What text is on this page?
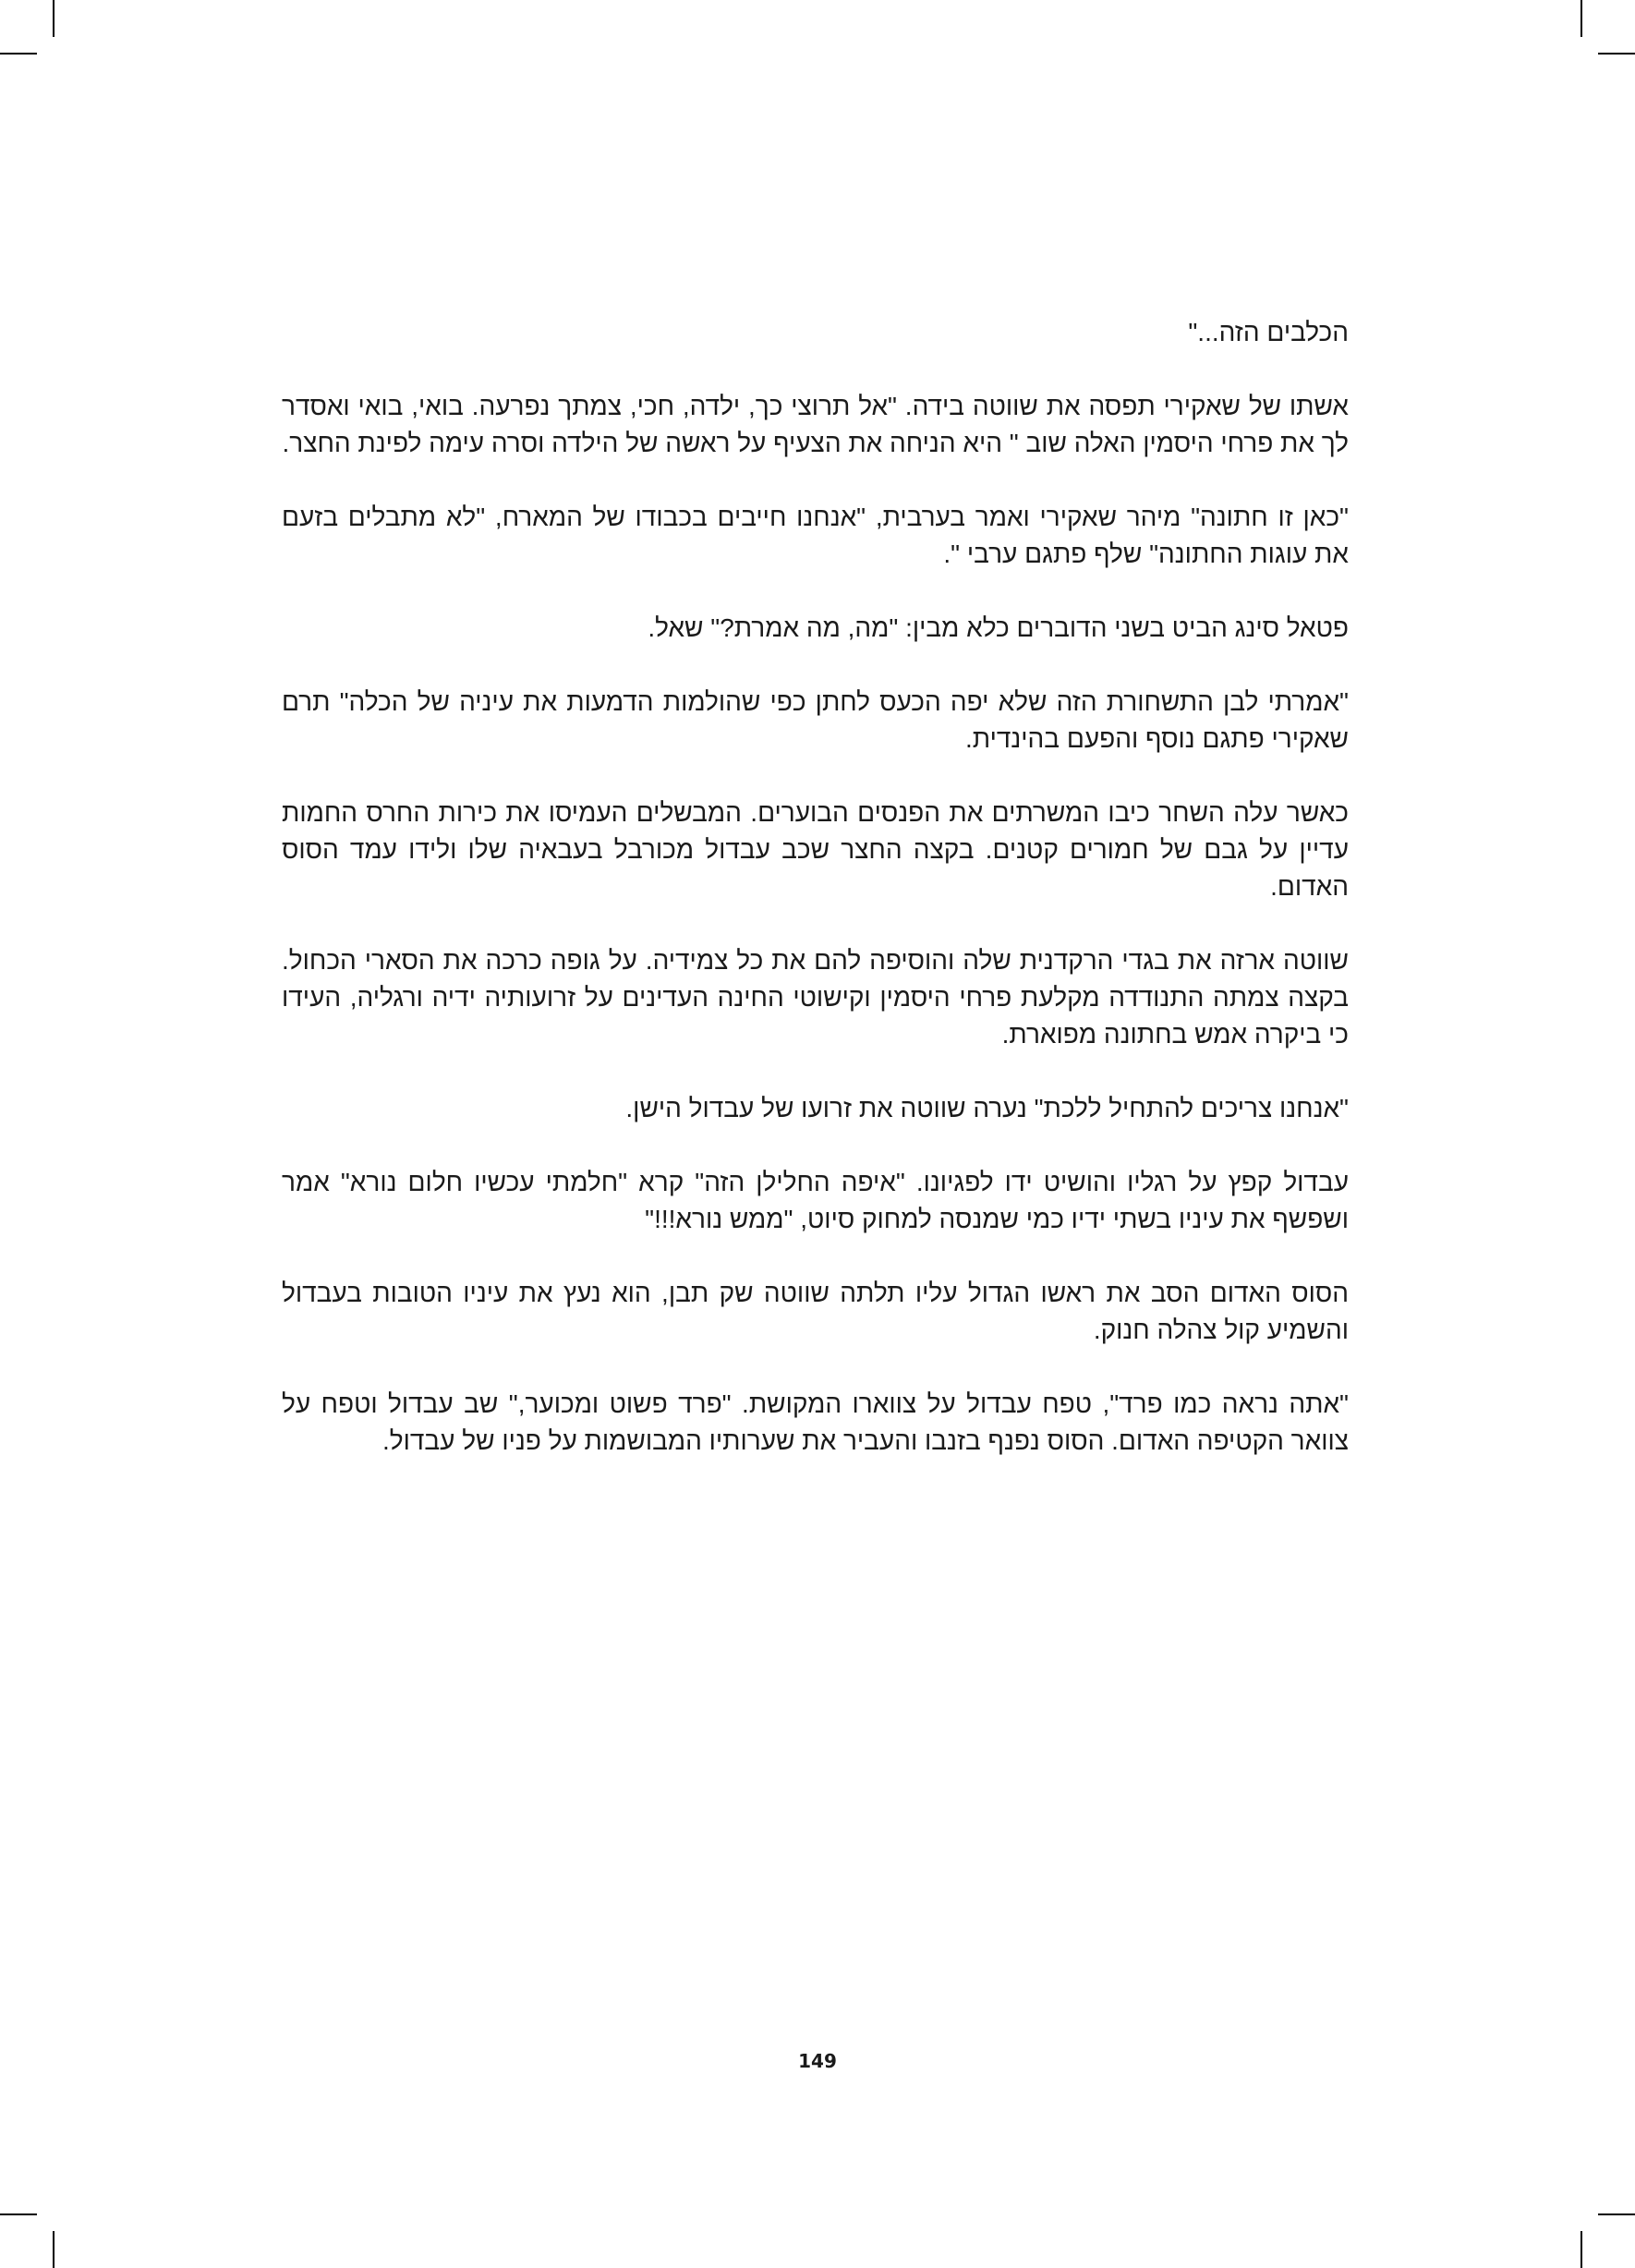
הכלבים הזה..."

אשתו של שאקירי תפסה את שווטה בידה. "אל תרוצי כך, ילדה, חכי, צמתך נפרעה. בואי, בואי ואסדר לך את פרחי היסמין האלה שוב " היא הניחה את הצעיף על ראשה של הילדה וסרה עימה לפינת החצר.

"כאן זו חתונה" מיהר שאקירי ואמר בערבית, "אנחנו חייבים בכבודו של המארח, "לא מתבלים בזעם את עוגות החתונה" שלף פתגם ערבי ".

פטאל סינג הביט בשני הדוברים כלא מבין: "מה, מה אמרת?" שאל.

"אמרתי לבן התשחורת הזה שלא יפה הכעס לחתן כפי שהולמות הדמעות את עיניה של הכלה" תרם שאקירי פתגם נוסף והפעם בהינדית.

כאשר עלה השחר כיבו המשרתים את הפנסים הבוערים. המבשלים העמיסו את כירות החרס החמות עדיין על גבם של חמורים קטנים. בקצה החצר שכב עבדול מכורבל בעבאיה שלו ולידו עמד הסוס האדום.

שווטה ארזה את בגדי הרקדנית שלה והוסיפה להם את כל צמידיה. על גופה כרכה את הסארי הכחול. בקצה צמתה התנודדה מקלעת פרחי היסמין וקישוטי החינה העדינים על זרועותיה ידיה ורגליה, העידו כי ביקרה אמש בחתונה מפוארת.

"אנחנו צריכים להתחיל ללכת" נערה שווטה את זרועו של עבדול הישן.

עבדול קפץ על רגליו והושיט ידו לפגיונו. "איפה החלילן הזה" קרא "חלמתי עכשיו חלום נורא" אמר ושפשף את עיניו בשתי ידיו כמי שמנסה למחוק סיוט, "ממש נורא!!!"

הסוס האדום הסב את ראשו הגדול עליו תלתה שווטה שק תבן, הוא נעץ את עיניו הטובות בעבדול והשמיע קול צהלה חנוק.

"אתה נראה כמו פרד", טפח עבדול על צווארו המקושת. "פרד פשוט ומכוער," שב עבדול וטפח על צוואר הקטיפה האדום. הסוס נפנף בזנבו והעביר את שערותיו המבושמות על פניו של עבדול.

149
